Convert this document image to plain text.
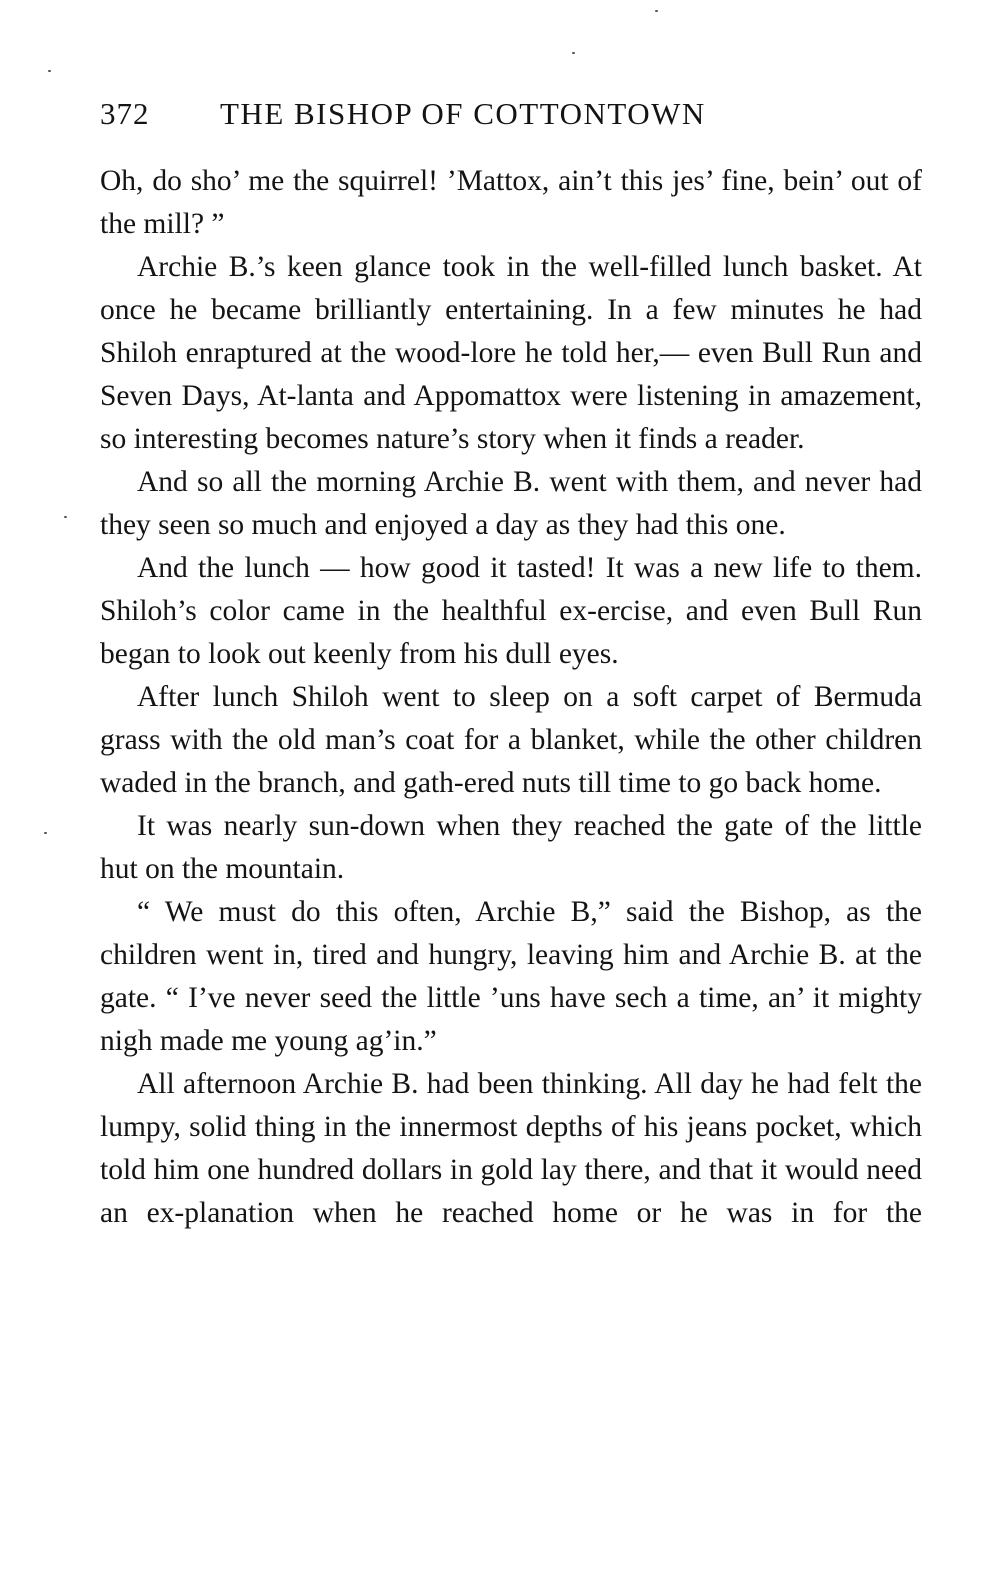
372 THE BISHOP OF COTTONTOWN

Oh, do sho’ me the squirrel! ’Mattox, ain’t this jes’ fine, bein’ out of the mill? ”

Archie B.’s keen glance took in the well-filled lunch basket. At once he became brilliantly entertaining. In a few minutes he had Shiloh enraptured at the wood-lore he told her,— even Bull Run and Seven Days, At-lanta and Appomattox were listening in amazement, so interesting becomes nature’s story when it finds a reader.

And so all the morning Archie B. went with them, and never had they seen so much and enjoyed a day as they had this one.

And the lunch — how good it tasted! It was a new life to them. Shiloh’s color came in the healthful ex-ercise, and even Bull Run began to look out keenly from his dull eyes.

After lunch Shiloh went to sleep on a soft carpet of Bermuda grass with the old man’s coat for a blanket, while the other children waded in the branch, and gath-ered nuts till time to go back home.

It was nearly sun-down when they reached the gate of the little hut on the mountain.

“ We must do this often, Archie B,” said the Bishop, as the children went in, tired and hungry, leaving him and Archie B. at the gate. “ I’ve never seed the little ’uns have sech a time, an’ it mighty nigh made me young ag’in.”

All afternoon Archie B. had been thinking. All day he had felt the lumpy, solid thing in the innermost depths of his jeans pocket, which told him one hundred dollars in gold lay there, and that it would need an ex-planation when he reached home or he was in for the
